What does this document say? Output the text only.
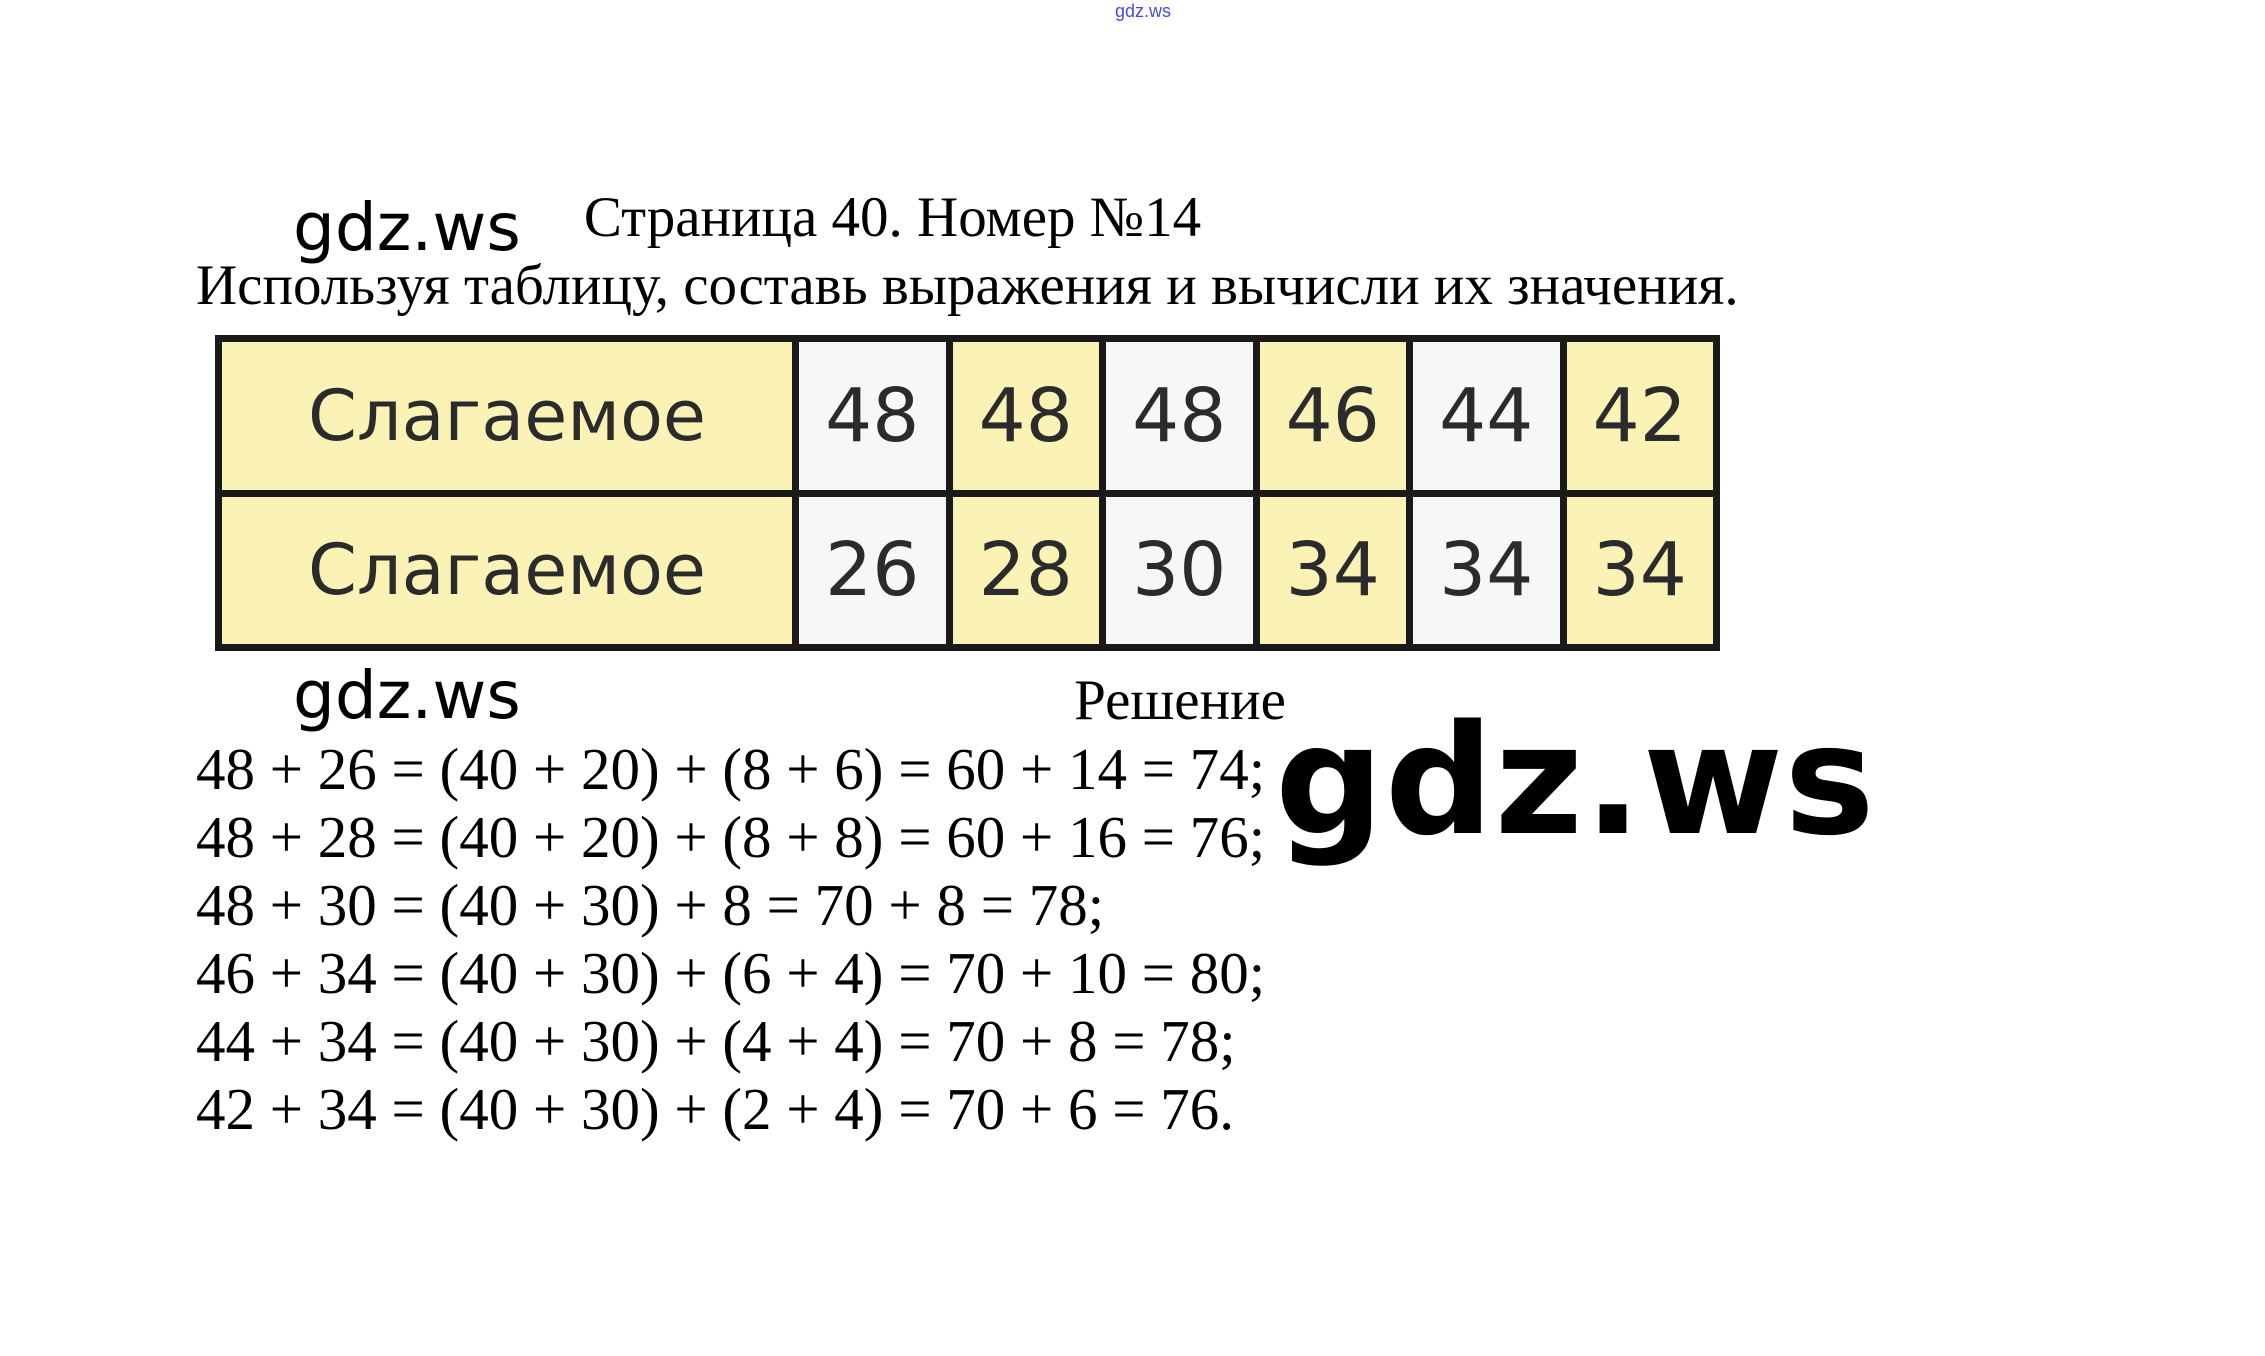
gdz.ws
Страница 40. Номер №14
Используя таблицу, составь выражения и вычисли их значения.
Слагаемое	48	48	48	46	44	42
Слагаемое	26	28	30	34	34	34
Решение
48 + 26 = (40 + 20) + (8 + 6) = 60 + 14 = 74;
48 + 28 = (40 + 20) + (8 + 8) = 60 + 16 = 76;
48 + 30 = (40 + 30) + 8 = 70 + 8 = 78;
46 + 34 = (40 + 30) + (6 + 4) = 70 + 10 = 80;
44 + 34 = (40 + 30) + (4 + 4) = 70 + 8 = 78;
42 + 34 = (40 + 30) + (2 + 4) = 70 + 6 = 76.
gdz.ws
gdz.ws	gdz.ws
